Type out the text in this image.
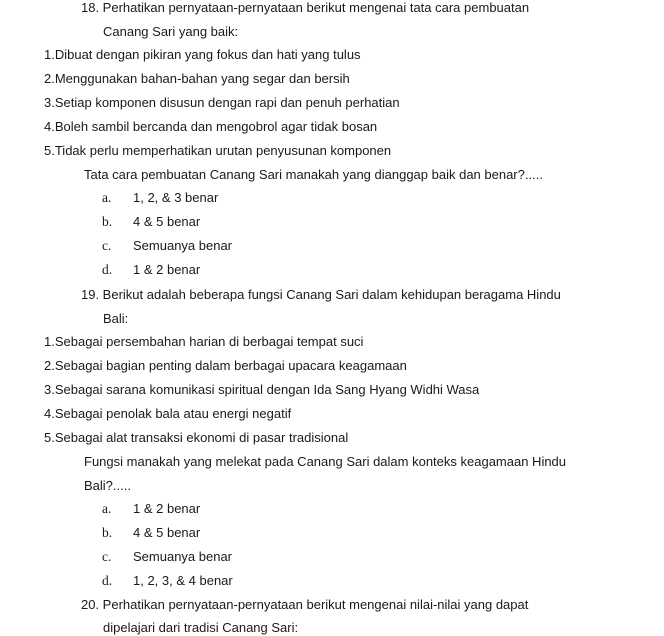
18. Perhatikan pernyataan-pernyataan berikut mengenai tata cara pembuatan
Canang Sari yang baik:
1.Dibuat dengan pikiran yang fokus dan hati yang tulus
2.Menggunakan bahan-bahan yang segar dan bersih
3.Setiap komponen disusun dengan rapi dan penuh perhatian
4.Boleh sambil bercanda dan mengobrol agar tidak bosan
5.Tidak perlu memperhatikan urutan penyusunan komponen
Tata cara pembuatan Canang Sari manakah yang dianggap baik dan benar?.....
a. 1, 2, & 3 benar
b. 4 & 5 benar
c. Semuanya benar
d. 1 & 2 benar
19. Berikut adalah beberapa fungsi Canang Sari dalam kehidupan beragama Hindu
Bali:
1.Sebagai persembahan harian di berbagai tempat suci
2.Sebagai bagian penting dalam berbagai upacara keagamaan
3.Sebagai sarana komunikasi spiritual dengan Ida Sang Hyang Widhi Wasa
4.Sebagai penolak bala atau energi negatif
5.Sebagai alat transaksi ekonomi di pasar tradisional
Fungsi manakah yang melekat pada Canang Sari dalam konteks keagamaan Hindu
Bali?.....
a. 1 & 2 benar
b. 4 & 5 benar
c. Semuanya benar
d. 1, 2, 3, & 4 benar
20. Perhatikan pernyataan-pernyataan berikut mengenai nilai-nilai yang dapat
dipelajari dari tradisi Canang Sari:
